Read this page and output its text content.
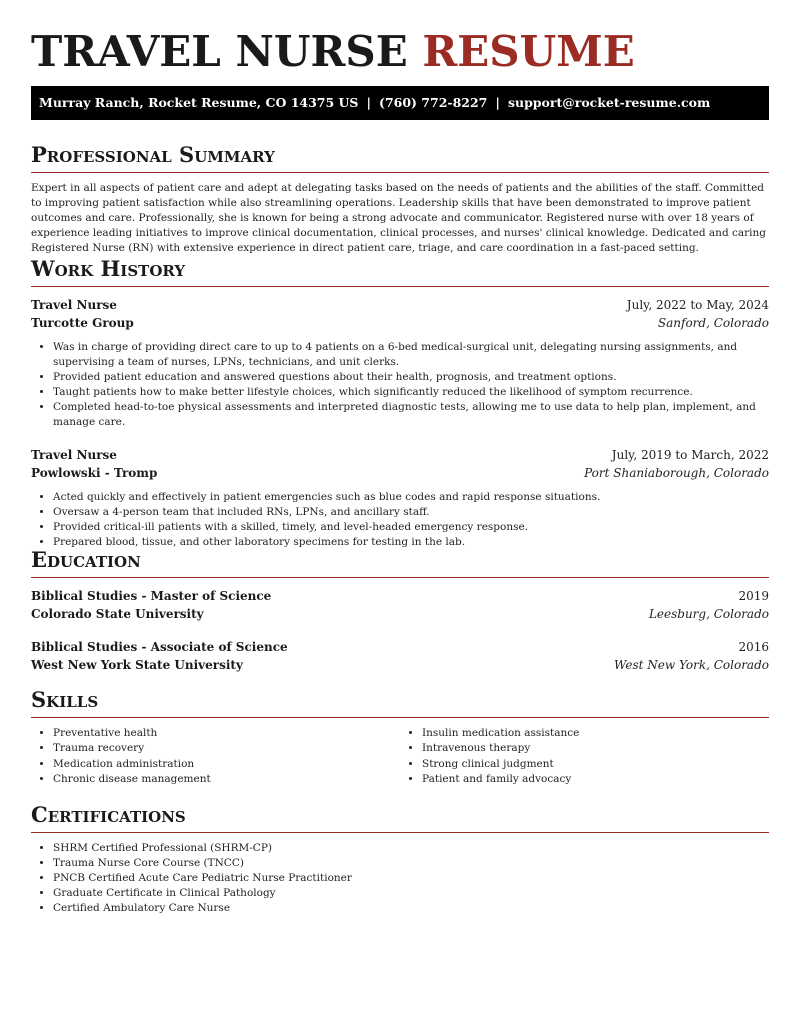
TRAVEL NURSE RESUME
Murray Ranch, Rocket Resume, CO 14375 US | (760) 772-8227 | support@rocket-resume.com
Professional Summary

Expert in all aspects of patient care and adept at delegating tasks based on the needs of patients and the abilities of the staff. Committed to improving patient satisfaction while also streamlining operations. Leadership skills that have been demonstrated to improve patient outcomes and care. Professionally, she is known for being a strong advocate and communicator. Registered nurse with over 18 years of experience leading initiatives to improve clinical documentation, clinical processes, and nurses' clinical knowledge. Dedicated and caring Registered Nurse (RN) with extensive experience in direct patient care, triage, and care coordination in a fast-paced setting.

Work History
Travel Nurse	July, 2022 to May, 2024
Turcotte Group	Sanford, Colorado
• Was in charge of providing direct care to up to 4 patients on a 6-bed medical-surgical unit, delegating nursing assignments, and supervising a team of nurses, LPNs, technicians, and unit clerks.
• Provided patient education and answered questions about their health, prognosis, and treatment options.
• Taught patients how to make better lifestyle choices, which significantly reduced the likelihood of symptom recurrence.
• Completed head-to-toe physical assessments and interpreted diagnostic tests, allowing me to use data to help plan, implement, and manage care.
Travel Nurse	July, 2019 to March, 2022
Powlowski - Tromp	Port Shaniaborough, Colorado
• Acted quickly and effectively in patient emergencies such as blue codes and rapid response situations.
• Oversaw a 4-person team that included RNs, LPNs, and ancillary staff.
• Provided critical-ill patients with a skilled, timely, and level-headed emergency response.
• Prepared blood, tissue, and other laboratory specimens for testing in the lab.
Education
Biblical Studies - Master of Science	2019
Colorado State University	Leesburg, Colorado
Biblical Studies - Associate of Science	2016
West New York State University	West New York, Colorado
Skills
• Preventative health
• Trauma recovery
• Medication administration
• Chronic disease management
• Insulin medication assistance
• Intravenous therapy
• Strong clinical judgment
• Patient and family advocacy
Certifications
• SHRM Certified Professional (SHRM-CP)
• Trauma Nurse Core Course (TNCC)
• PNCB Certified Acute Care Pediatric Nurse Practitioner
• Graduate Certificate in Clinical Pathology
• Certified Ambulatory Care Nurse
